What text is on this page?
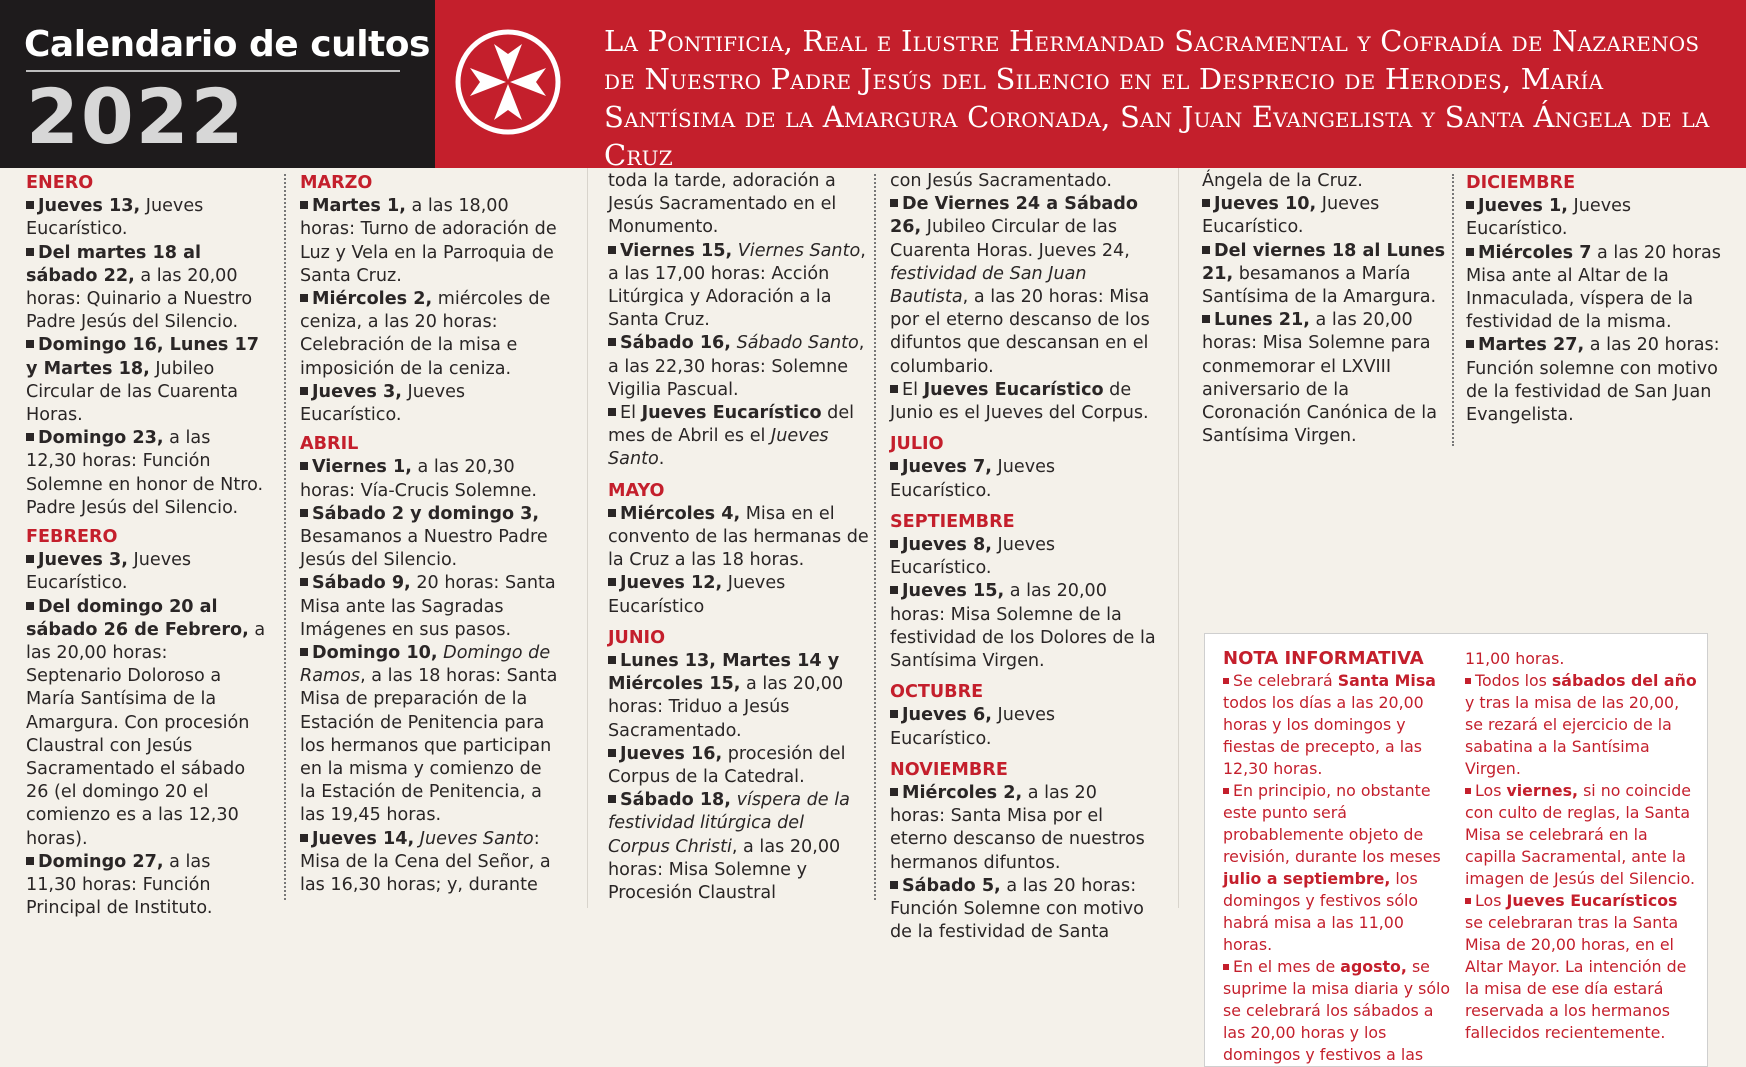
Calendario de cultos
2022

La Pontificia, Real e Ilustre Hermandad Sacramental y Cofradía de Nazarenos de Nuestro Padre Jesús del Silencio en el Desprecio de Herodes, María Santísima de la Amargura Coronada, San Juan Evangelista y Santa Ángela de la Cruz

ENERO

Jueves 13, Jueves Eucarístico.

Del martes 18 al sábado 22, a las 20,00 horas: Quinario a Nuestro Padre Jesús del Silencio.

Domingo 16, Lunes 17 y Martes 18, Jubileo Circular de las Cuarenta Horas.

Domingo 23, a las 12,30 horas: Función Solemne en honor de Ntro. Padre Jesús del Silencio.

FEBRERO

Jueves 3, Jueves Eucarístico.

Del domingo 20 al sábado 26 de Febrero, a las 20,00 horas: Septenario Doloroso a María Santísima de la Amargura. Con procesión Claustral con Jesús Sacramentado el sábado 26 (el domingo 20 el comienzo es a las 12,30 horas).

Domingo 27, a las 11,30 horas: Función Principal de Instituto.

MARZO

Martes 1, a las 18,00 horas: Turno de adoración de Luz y Vela en la Parroquia de Santa Cruz.

Miércoles 2, miércoles de ceniza, a las 20 horas: Celebración de la misa e imposición de la ceniza.

Jueves 3, Jueves Eucarístico.

ABRIL

Viernes 1, a las 20,30 horas: Vía-Crucis Solemne.

Sábado 2 y domingo 3, Besamanos a Nuestro Padre Jesús del Silencio.

Sábado 9, 20 horas: Santa Misa ante las Sagradas Imágenes en sus pasos.

Domingo 10, Domingo de Ramos, a las 18 horas: Santa Misa de preparación de la Estación de Penitencia para los hermanos que participan en la misma y comienzo de la Estación de Penitencia, a las 19,45 horas.

Jueves 14, Jueves Santo: Misa de la Cena del Señor, a las 16,30 horas; y, durante

toda la tarde, adoración a Jesús Sacramentado en el Monumento.

Viernes 15, Viernes Santo, a las 17,00 horas: Acción Litúrgica y Adoración a la Santa Cruz.

Sábado 16, Sábado Santo, a las 22,30 horas: Solemne Vigilia Pascual.

El Jueves Eucarístico del mes de Abril es el Jueves Santo.

MAYO

Miércoles 4, Misa en el convento de las hermanas de la Cruz a las 18 horas.

Jueves 12, Jueves Eucarístico

JUNIO

Lunes 13, Martes 14 y Miércoles 15, a las 20,00 horas: Triduo a Jesús Sacramentado.

Jueves 16, procesión del Corpus de la Catedral.

Sábado 18, víspera de la festividad litúrgica del Corpus Christi, a las 20,00 horas: Misa Solemne y Procesión Claustral

con Jesús Sacramentado.

De Viernes 24 a Sábado 26, Jubileo Circular de las Cuarenta Horas. Jueves 24, festividad de San Juan Bautista, a las 20 horas: Misa por el eterno descanso de los difuntos que descansan en el columbario.

El Jueves Eucarístico de Junio es el Jueves del Corpus.

JULIO

Jueves 7, Jueves Eucarístico.

SEPTIEMBRE

Jueves 8, Jueves Eucarístico.

Jueves 15, a las 20,00 horas: Misa Solemne de la festividad de los Dolores de la Santísima Virgen.

OCTUBRE

Jueves 6, Jueves Eucarístico.

NOVIEMBRE

Miércoles 2, a las 20 horas: Santa Misa por el eterno descanso de nuestros hermanos difuntos.

Sábado 5, a las 20 horas: Función Solemne con motivo de la festividad de Santa

Ángela de la Cruz.

Jueves 10, Jueves Eucarístico.

Del viernes 18 al Lunes 21, besamanos a María Santísima de la Amargura.

Lunes 21, a las 20,00 horas: Misa Solemne para conmemorar el LXVIII aniversario de la Coronación Canónica de la Santísima Virgen.

DICIEMBRE

Jueves 1, Jueves Eucarístico.

Miércoles 7 a las 20 horas Misa ante al Altar de la Inmaculada, víspera de la festividad de la misma.

Martes 27, a las 20 horas: Función solemne con motivo de la festividad de San Juan Evangelista.

NOTA INFORMATIVA

Se celebrará Santa Misa todos los días a las 20,00 horas y los domingos y fiestas de precepto, a las 12,30 horas.

En principio, no obstante este punto será probablemente objeto de revisión, durante los meses julio a septiembre, los domingos y festivos sólo habrá misa a las 11,00 horas.

En el mes de agosto, se suprime la misa diaria y sólo se celebrará los sábados a las 20,00 horas y los domingos y festivos a las

11,00 horas.

Todos los sábados del año y tras la misa de las 20,00, se rezará el ejercicio de la sabatina a la Santísima Virgen.

Los viernes, si no coincide con culto de reglas, la Santa Misa se celebrará en la capilla Sacramental, ante la imagen de Jesús del Silencio.

Los Jueves Eucarísticos se celebraran tras la Santa Misa de 20,00 horas, en el Altar Mayor. La intención de la misa de ese día estará reservada a los hermanos fallecidos recientemente.
